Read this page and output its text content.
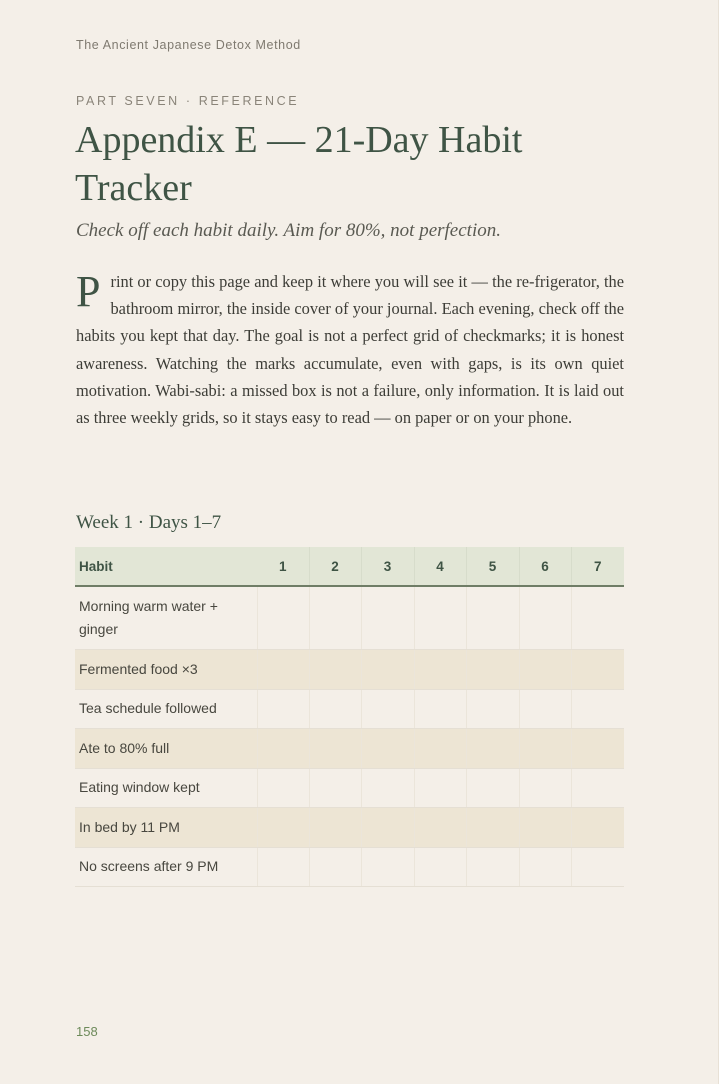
The Ancient Japanese Detox Method
PART SEVEN · REFERENCE
Appendix E — 21-Day Habit Tracker
Check off each habit daily. Aim for 80%, not perfection.

Print or copy this page and keep it where you will see it — the re-frigerator, the bathroom mirror, the inside cover of your journal. Each evening, check off the habits you kept that day. The goal is not a perfect grid of checkmarks; it is honest awareness. Watching the marks accumulate, even with gaps, is its own quiet motivation. Wabi-sabi: a missed box is not a failure, only information. It is laid out as three weekly grids, so it stays easy to read — on paper or on your phone.

Week 1 · Days 1–7
Habit	1	2	3	4	5	6	7
Morning warm water + ginger							
Fermented food ×3							
Tea schedule followed							
Ate to 80% full							
Eating window kept							
In bed by 11 PM							
No screens after 9 PM							
158
